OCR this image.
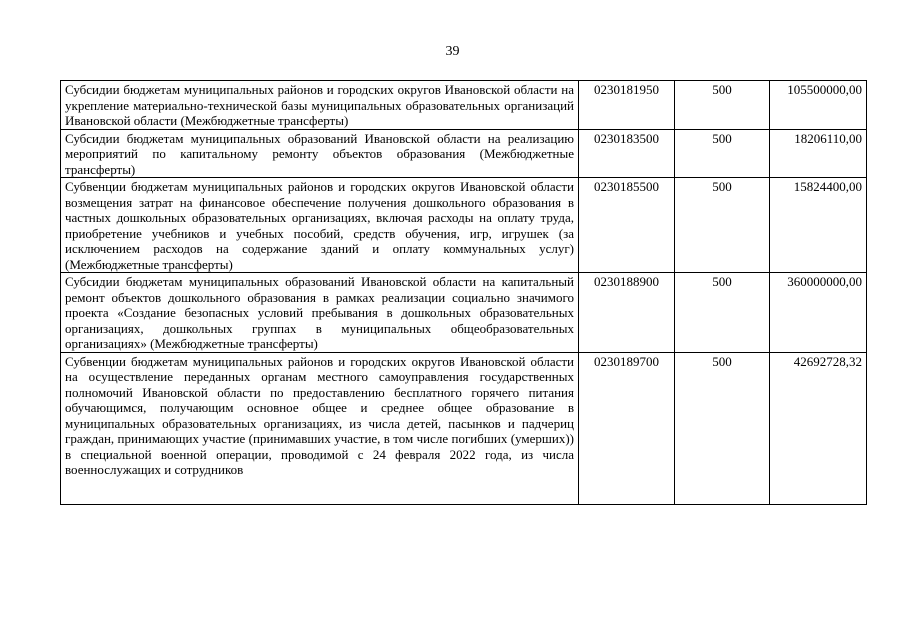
39
Субсидии бюджетам муниципальных районов и городских округов Ивановской области на укрепление материально-технической базы муниципальных образовательных организаций Ивановской области (Межбюджетные трансферты)	0230181950	500	105500000,00
Субсидии бюджетам муниципальных образований Ивановской области на реализацию мероприятий по капитальному ремонту объектов образования (Межбюджетные трансферты)	0230183500	500	18206110,00
Субвенции бюджетам муниципальных районов и городских округов Ивановской области возмещения затрат на финансовое обеспечение получения дошкольного образования в частных дошкольных образовательных организациях, включая расходы на оплату труда, приобретение учебников и учебных пособий, средств обучения, игр, игрушек (за исключением расходов на содержание зданий и оплату коммунальных услуг) (Межбюджетные трансферты)	0230185500	500	15824400,00
Субсидии бюджетам муниципальных образований Ивановской области на капитальный ремонт объектов дошкольного образования в рамках реализации социально значимого проекта «Создание безопасных условий пребывания в дошкольных образовательных организациях, дошкольных группах в муниципальных общеобразовательных организациях» (Межбюджетные трансферты)	0230188900	500	360000000,00
Субвенции бюджетам муниципальных районов и городских округов Ивановской области на осуществление переданных органам местного самоуправления государственных полномочий Ивановской области по предоставлению бесплатного горячего питания обучающимся, получающим основное общее и среднее общее образование в муниципальных образовательных организациях, из числа детей, пасынков и падчериц граждан, принимающих участие (принимавших участие, в том числе погибших (умерших)) в специальной военной операции, проводимой с 24 февраля 2022 года, из числа военнослужащих и сотрудников	0230189700	500	42692728,32
